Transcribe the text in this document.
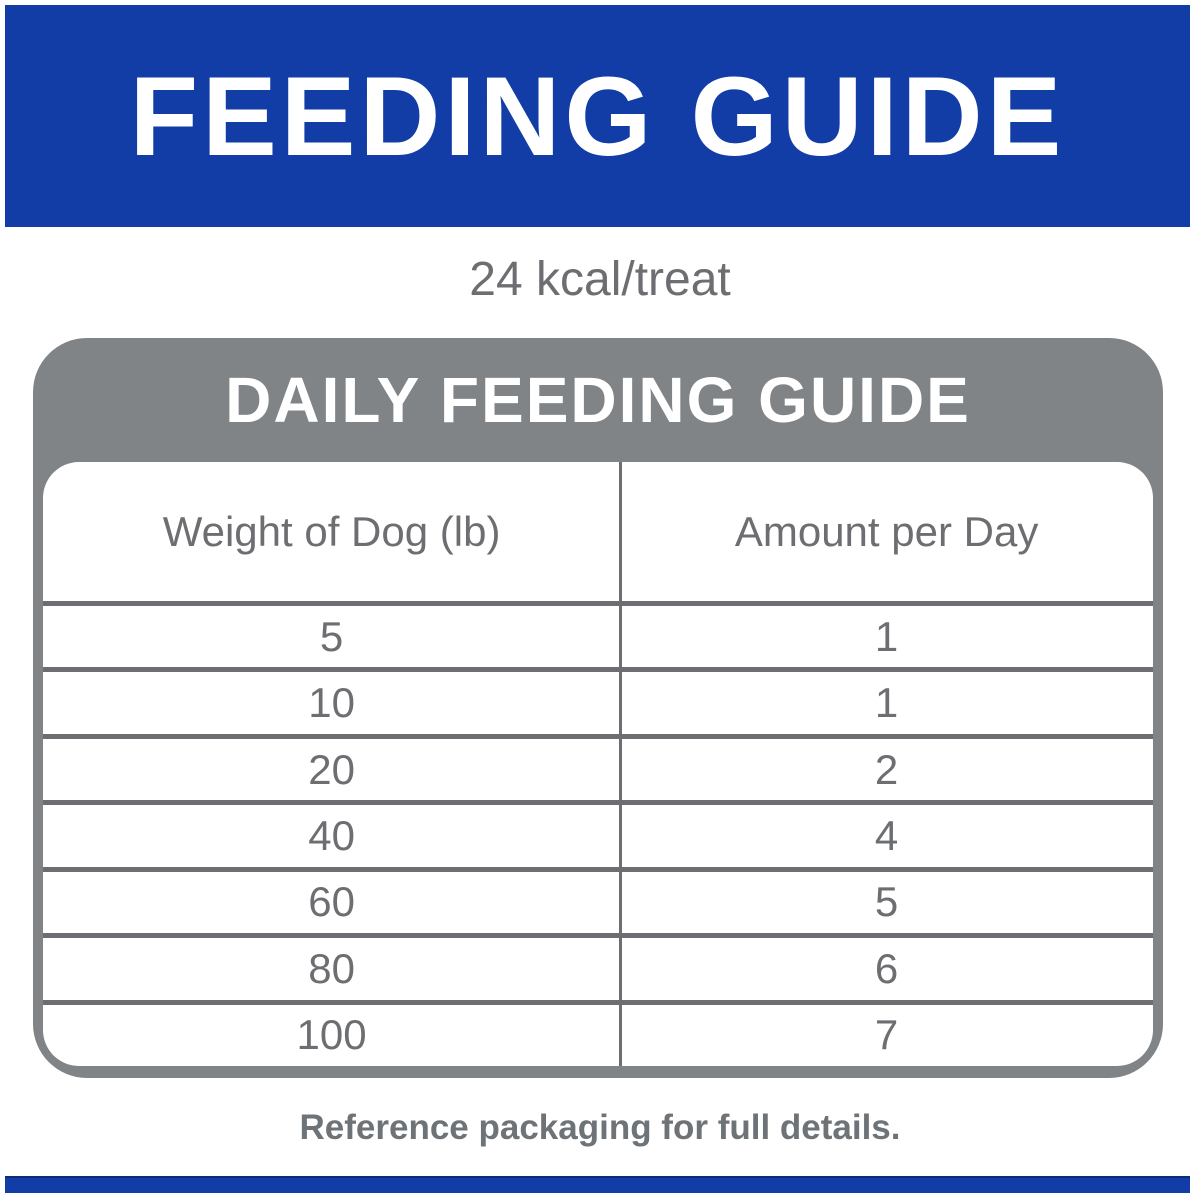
FEEDING GUIDE
24 kcal/treat
DAILY FEEDING GUIDE
Weight of Dog (lb)	Amount per Day
5	1
10	1
20	2
40	4
60	5
80	6
100	7
Reference packaging for full details.
